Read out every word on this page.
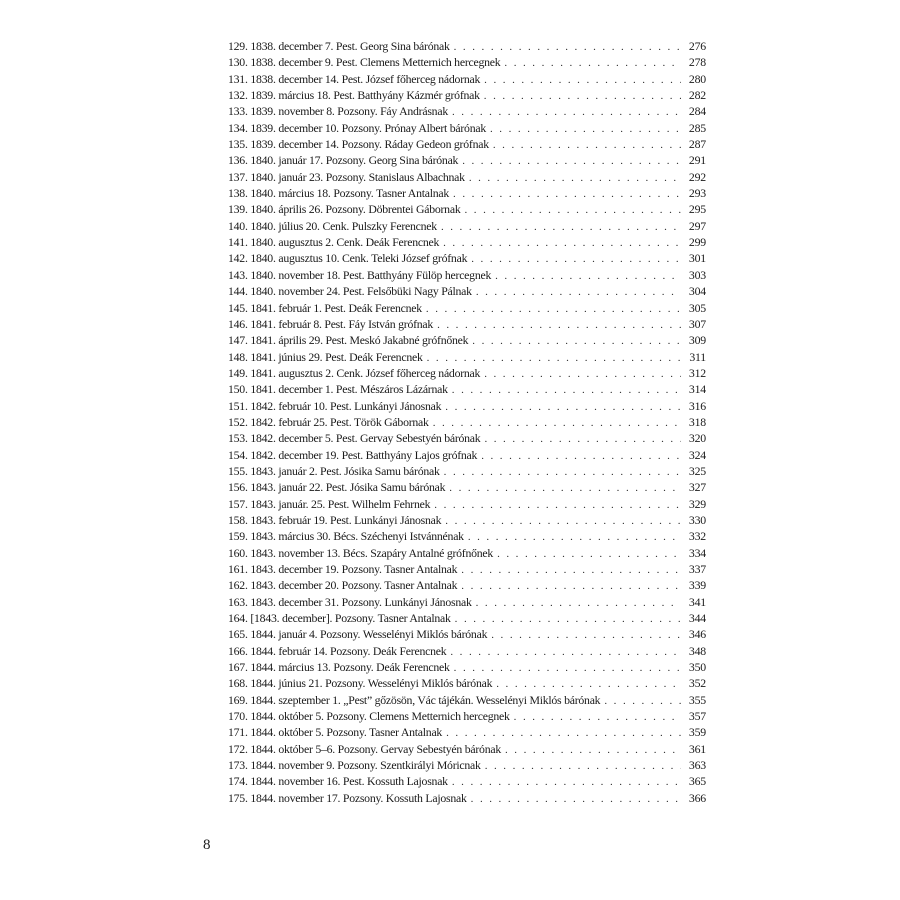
129. 1838. december 7. Pest. Georg Sina bárónak . . .	276
130. 1838. december 9. Pest. Clemens Metternich hercegnek . . .	278
131. 1838. december 14. Pest. József főherceg nádornak . . .	280
132. 1839. március 18. Pest. Batthyány Kázmér grófnak . . .	282
133. 1839. november 8. Pozsony. Fáy Andrásnak . . .	284
134. 1839. december 10. Pozsony. Prónay Albert bárónak . . .	285
135. 1839. december 14. Pozsony. Ráday Gedeon grófnak . . .	287
136. 1840. január 17. Pozsony. Georg Sina bárónak . . .	291
137. 1840. január 23. Pozsony. Stanislaus Albachnak . . .	292
138. 1840. március 18. Pozsony. Tasner Antalnak . . .	293
139. 1840. április 26. Pozsony. Döbrentei Gábornak . . .	295
140. 1840. július 20. Cenk. Pulszky Ferencnek . . .	297
141. 1840. augusztus 2. Cenk. Deák Ferencnek . . .	299
142. 1840. augusztus 10. Cenk. Teleki József grófnak . . .	301
143. 1840. november 18. Pest. Batthyány Fülöp hercegnek . . .	303
144. 1840. november 24. Pest. Felsőbüki Nagy Pálnak . . .	304
145. 1841. február 1. Pest. Deák Ferencnek . . .	305
146. 1841. február 8. Pest. Fáy István grófnak . . .	307
147. 1841. április 29. Pest. Meskó Jakabné grófnőnek . . .	309
148. 1841. június 29. Pest. Deák Ferencnek . . .	311
149. 1841. augusztus 2. Cenk. József főherceg nádornak . . .	312
150. 1841. december 1. Pest. Mészáros Lázárnak . . .	314
151. 1842. február 10. Pest. Lunkányi Jánosnak . . .	316
152. 1842. február 25. Pest. Török Gábornak . . .	318
153. 1842. december 5. Pest. Gervay Sebestyén bárónak . . .	320
154. 1842. december 19. Pest. Batthyány Lajos grófnak . . .	324
155. 1843. január 2. Pest. Jósika Samu bárónak . . .	325
156. 1843. január 22. Pest. Jósika Samu bárónak . . .	327
157. 1843. január. 25. Pest. Wilhelm Fehrnek . . .	329
158. 1843. február 19. Pest. Lunkányi Jánosnak . . .	330
159. 1843. március 30. Bécs. Széchenyi Istvánnénak . . .	332
160. 1843. november 13. Bécs. Szapáry Antalné grófnőnek . . .	334
161. 1843. december 19. Pozsony. Tasner Antalnak . . .	337
162. 1843. december 20. Pozsony. Tasner Antalnak . . .	339
163. 1843. december 31. Pozsony. Lunkányi Jánosnak . . .	341
164. [1843. december]. Pozsony. Tasner Antalnak . . .	344
165. 1844. január 4. Pozsony. Wesselényi Miklós bárónak . . .	346
166. 1844. február 14. Pozsony. Deák Ferencnek . . .	348
167. 1844. március 13. Pozsony. Deák Ferencnek . . .	350
168. 1844. június 21. Pozsony. Wesselényi Miklós bárónak . . .	352
169. 1844. szeptember 1. „Pest” gőzösön, Vác tájékán. Wesselényi Miklós bárónak . . .	355
170. 1844. október 5. Pozsony. Clemens Metternich hercegnek . . .	357
171. 1844. október 5. Pozsony. Tasner Antalnak . . .	359
172. 1844. október 5–6. Pozsony. Gervay Sebestyén bárónak . . .	361
173. 1844. november 9. Pozsony. Szentkirályi Móricnak . . .	363
174. 1844. november 16. Pest. Kossuth Lajosnak . . .	365
175. 1844. november 17. Pozsony. Kossuth Lajosnak . . .	366
8
